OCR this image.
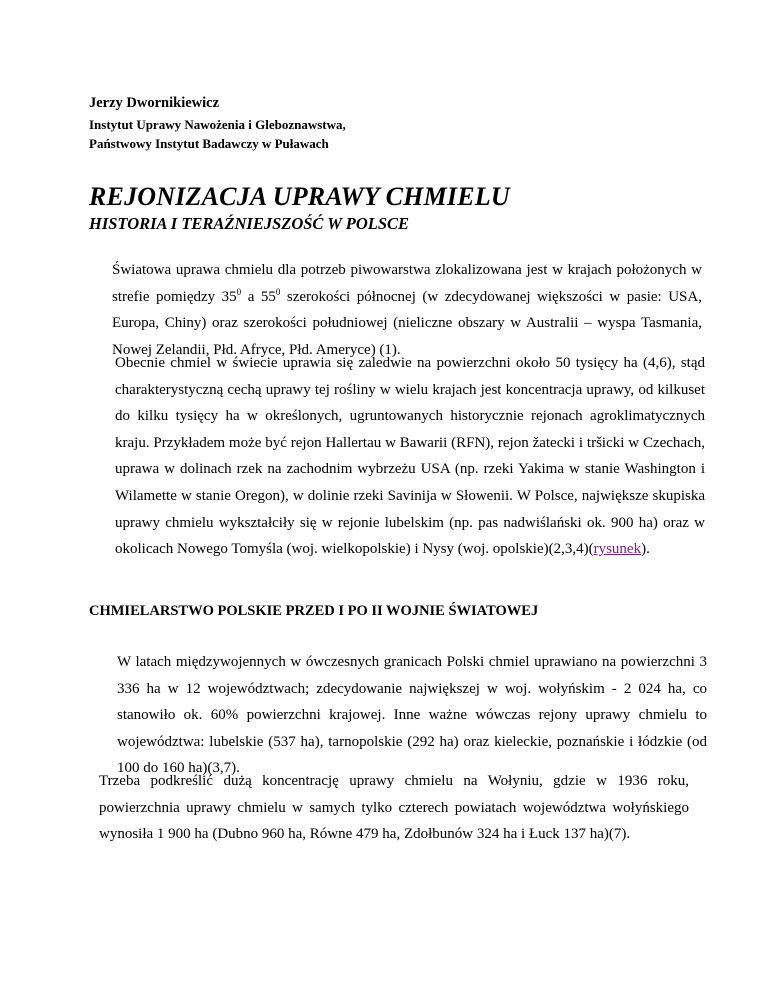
Jerzy Dwornikiewicz

Instytut Uprawy Nawożenia i Gleboznawstwa,

Państwowy Instytut Badawczy w Puławach

REJONIZACJA UPRAWY CHMIELU
HISTORIA I TERAŹNIEJSZOŚĆ W POLSCE

Światowa uprawa chmielu dla potrzeb piwowarstwa zlokalizowana jest w krajach położonych w strefie pomiędzy $35^0$ a $55^0$ szerokości północnej (w zdecydowanej większości w pasie: USA, Europa, Chiny) oraz szerokości południowej (nieliczne obszary w Australii – wyspa Tasmania, Nowej Zelandii, Płd. Afryce, Płd. Ameryce) (1).

Obecnie chmiel w świecie uprawia się zaledwie na powierzchni około 50 tysięcy ha (4,6), stąd charakterystyczną cechą uprawy tej rośliny w wielu krajach jest koncentracja uprawy, od kilkuset do kilku tysięcy ha w określonych, ugruntowanych historycznie rejonach agroklimatycznych kraju. Przykładem może być rejon Hallertau w Bawarii (RFN), rejon žatecki i tršicki w Czechach, uprawa w dolinach rzek na zachodnim wybrzeżu USA (np. rzeki Yakima w stanie Washington i Wilamette w stanie Oregon), w dolinie rzeki Savinija w Słowenii. W Polsce, największe skupiska uprawy chmielu wykształciły się w rejonie lubelskim (np. pas nadwiślański ok. 900 ha) oraz w okolicach Nowego Tomyśla (woj. wielkopolskie) i Nysy (woj. opolskie)(2,3,4)(rysunek).

CHMIELARSTWO POLSKIE PRZED I PO II WOJNIE ŚWIATOWEJ

W latach międzywojennych w ówczesnych granicach Polski chmiel uprawiano na powierzchni 3 336 ha w 12 województwach; zdecydowanie największej w woj. wołyńskim - 2 024 ha, co stanowiło ok. 60% powierzchni krajowej. Inne ważne wówczas rejony uprawy chmielu to województwa: lubelskie (537 ha), tarnopolskie (292 ha) oraz kieleckie, poznańskie i łódzkie (od 100 do 160 ha)(3,7).

Trzeba podkreślić dużą koncentrację uprawy chmielu na Wołyniu, gdzie w 1936 roku, powierzchnia uprawy chmielu w samych tylko czterech powiatach województwa wołyńskiego wynosiła 1 900 ha (Dubno 960 ha, Równe 479 ha, Zdołbunów 324 ha i Łuck 137 ha)(7).
